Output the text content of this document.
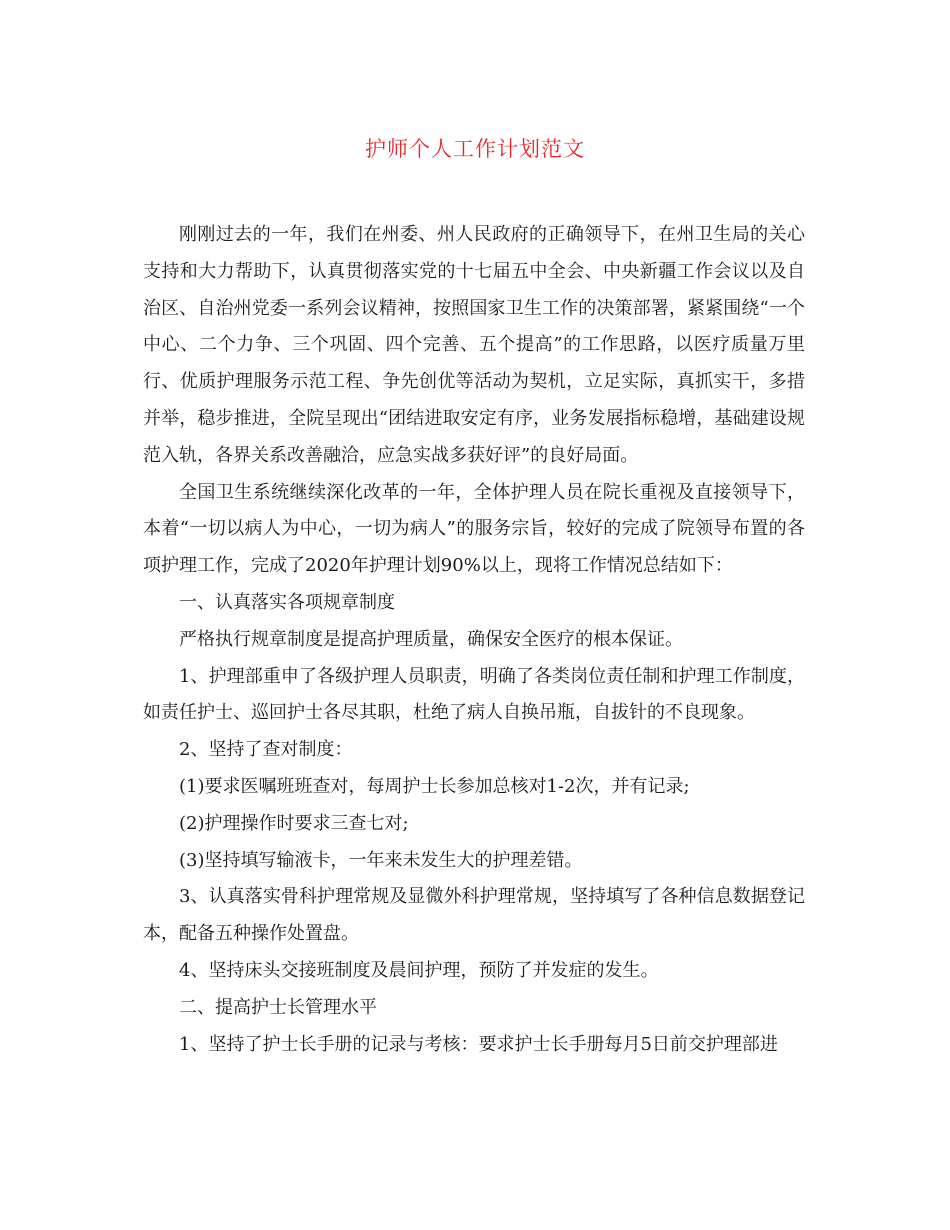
护师个人工作计划范文

刚刚过去的一年，我们在州委、州人民政府的正确领导下，在州卫生局的关心支持和大力帮助下，认真贯彻落实党的十七届五中全会、中央新疆工作会议以及自治区、自治州党委一系列会议精神，按照国家卫生工作的决策部署，紧紧围绕“一个中心、二个力争、三个巩固、四个完善、五个提高”的工作思路，以医疗质量万里行、优质护理服务示范工程、争先创优等活动为契机，立足实际，真抓实干，多措并举，稳步推进，全院呈现出“团结进取安定有序，业务发展指标稳增，基础建设规范入轨，各界关系改善融洽，应急实战多获好评”的良好局面。

全国卫生系统继续深化改革的一年，全体护理人员在院长重视及直接领导下，本着“一切以病人为中心，一切为病人”的服务宗旨，较好的完成了院领导布置的各项护理工作，完成了2020年护理计划90%以上，现将工作情况总结如下：

一、认真落实各项规章制度

严格执行规章制度是提高护理质量，确保安全医疗的根本保证。

1、护理部重申了各级护理人员职责，明确了各类岗位责任制和护理工作制度，如责任护士、巡回护士各尽其职，杜绝了病人自换吊瓶，自拔针的不良现象。

2、坚持了查对制度：

(1)要求医嘱班班查对，每周护士长参加总核对1-2次，并有记录;

(2)护理操作时要求三查七对;

(3)坚持填写输液卡，一年来未发生大的护理差错。

3、认真落实骨科护理常规及显微外科护理常规，坚持填写了各种信息数据登记本，配备五种操作处置盘。

4、坚持床头交接班制度及晨间护理，预防了并发症的发生。

二、提高护士长管理水平

1、坚持了护士长手册的记录与考核：要求护士长手册每月5日前交护理部进
